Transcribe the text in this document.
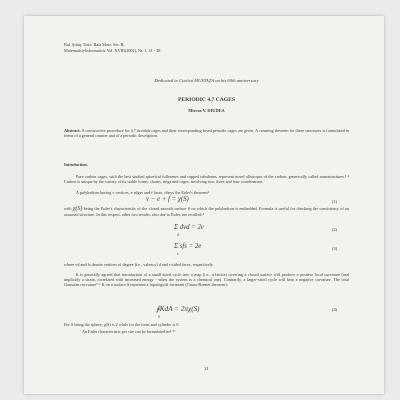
Bul. Ştiinţ. Univ. Baia Mare, Ser. B,
Matematică-Informatică, Vol. XVIII(2002), Nr. 1, 31 - 38
Dedicated to Costică MUSTAŢA on his 60th anniversary
PERIODIC 4.7 CAGES
Mircea V. DIUDEA
Abstract. A constructive procedure for 4.7 tiroidalr cages and their corresponding fused periodic cages are given. A counting theorem for these structures is formulated in terms of a general counter and of a periodic description.
Introduction.
Pure carbon cages, with the best studied spherical fullerenes and capped tubulenes, represent novel allotropes of the carbon, generically called nanostructures.¹·² Carbon is unique by the variety of its stable forms: chains, rings and cages, involving two, three and four coordination.
A polyhedron having v vertices, e edges and f faces, obeys the Euler's theorem³
v − e + f = χ(S)	(1)
with χ(S) being the Euler's characteristic of the closed smooth surface S on which the polyhedron is embedded. Formula is useful for checking the consistency of an assumed structure. In this respect, other two results, also due to Euler, are recalled:⁴
Σ dvd = 2e
d
(2)
Σ sfs = 2e
s
(3)
where vd and fs denote vertices of degree (i.e., valency) d and s-sided faces, respectively.
It is generally agreed that introduction of a small-sized cycle into a map (i.e., a lattice) covering a closed surface will produce a positive local curvature (and implicitly a strain, correlated with increased energy - when the system is a chemical one). Contrarily, a larger-sized cycle will bear a negative curvature. The total Gaussian curvature⁵·⁶ K on a surface S represent a topological invariant (Gauss-Bonnet theorem):
∮KdA = 2πχ(S)
S
(4)
For S being the sphere, χ(S) is 2 while for the torus and cylinder is 0.
An Euler characteristic per site can be formulated as⁴·⁵⁷
31
